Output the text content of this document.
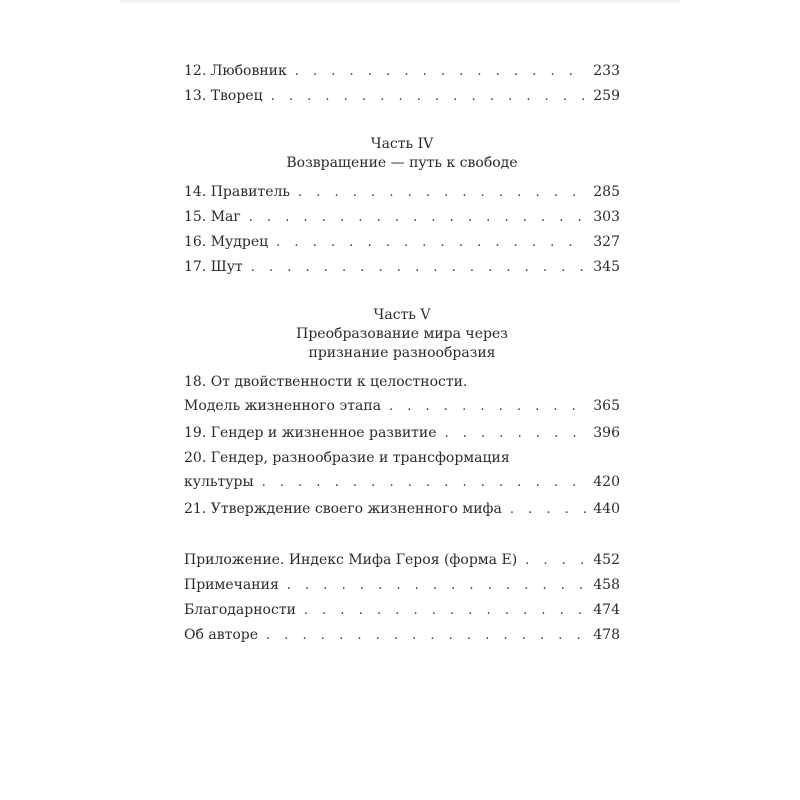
12. Любовник . . .	233
13. Творец . . .	259
Часть IV
Возвращение — путь к свободе
14. Правитель . . .	285
15. Маг . . .	303
16. Мудрец . . .	327
17. Шут . . .	345
Часть V
Преобразование мира через
признание разнообразия
18. От двойственности к целостности.
Модель жизненного этапа . . .	365
19. Гендер и жизненное развитие . . .	396
20. Гендер, разнообразие и трансформация
культуры . . .	420
21. Утверждение своего жизненного мифа . . .	440
Приложение. Индекс Мифа Героя (форма E) . . .	452
Примечания . . .	458
Благодарности . . .	474
Об авторе . . .	478
